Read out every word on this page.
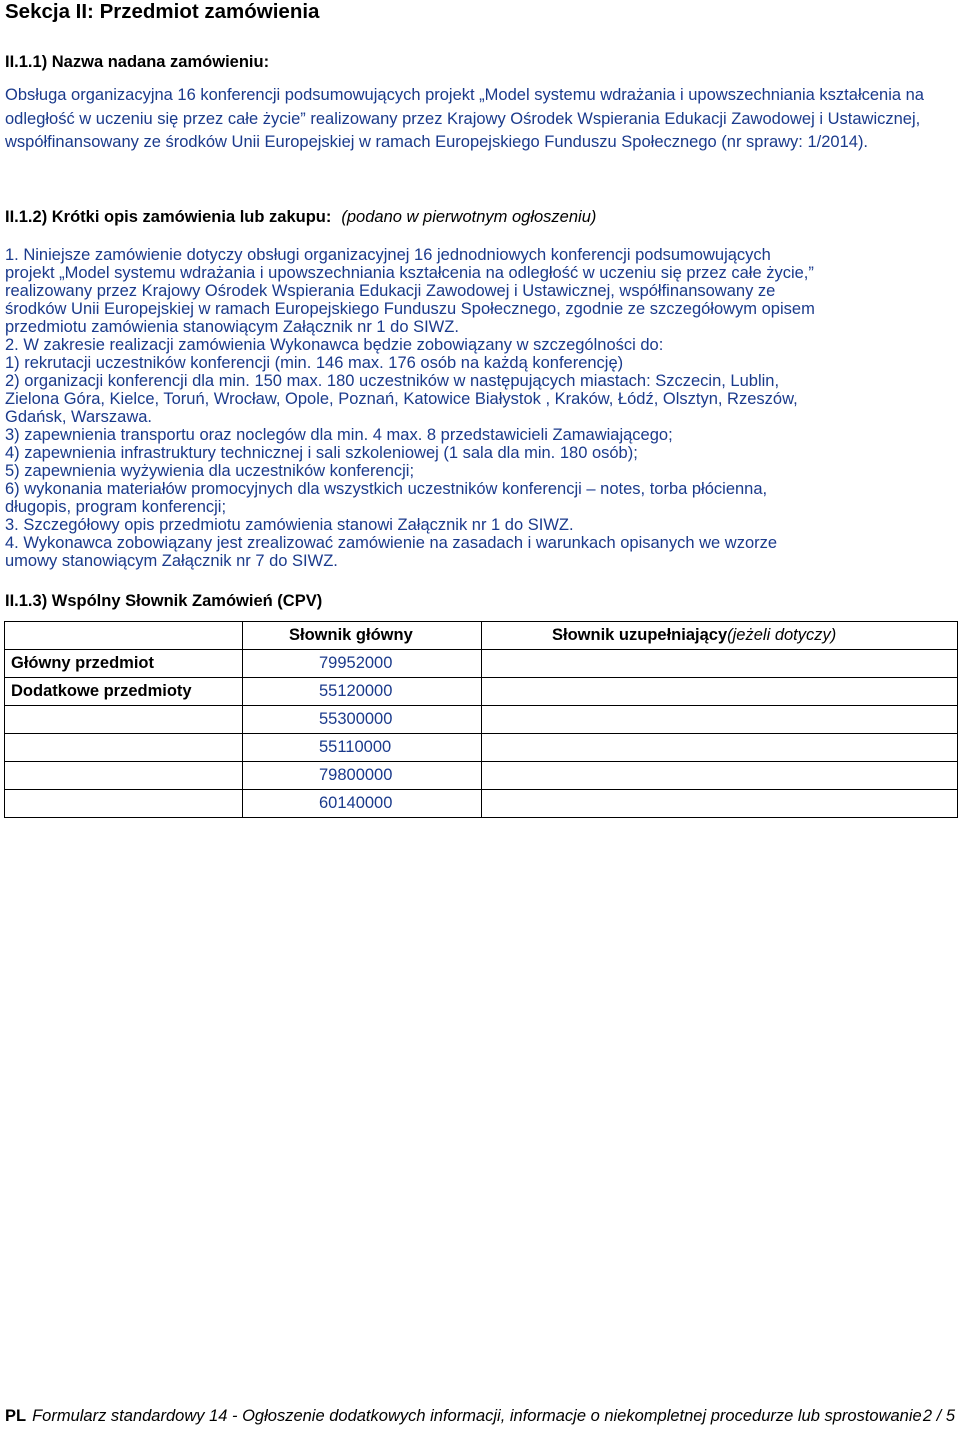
Sekcja II: Przedmiot zamówienia
II.1.1) Nazwa nadana zamówieniu:
Obsługa organizacyjna 16 konferencji podsumowujących projekt „Model systemu wdrażania i upowszechniania kształcenia na odległość w uczeniu się przez całe życie” realizowany przez Krajowy Ośrodek Wspierania Edukacji Zawodowej i Ustawicznej, współfinansowany ze środków Unii Europejskiej w ramach Europejskiego Funduszu Społecznego (nr sprawy: 1/2014).
II.1.2) Krótki opis zamówienia lub zakupu: (podano w pierwotnym ogłoszeniu)
1. Niniejsze zamówienie dotyczy obsługi organizacyjnej 16 jednodniowych konferencji podsumowujących
projekt „Model systemu wdrażania i upowszechniania kształcenia na odległość w uczeniu się przez całe życie,”
realizowany przez Krajowy Ośrodek Wspierania Edukacji Zawodowej i Ustawicznej, współfinansowany ze
środków Unii Europejskiej w ramach Europejskiego Funduszu Społecznego, zgodnie ze szczegółowym opisem
przedmiotu zamówienia stanowiącym Załącznik nr 1 do SIWZ.
2. W zakresie realizacji zamówienia Wykonawca będzie zobowiązany w szczególności do:
1) rekrutacji uczestników konferencji (min. 146 max. 176 osób na każdą konferencję)
2) organizacji konferencji dla min. 150 max. 180 uczestników w następujących miastach: Szczecin, Lublin,
Zielona Góra, Kielce, Toruń, Wrocław, Opole, Poznań, Katowice Białystok , Kraków, Łódź, Olsztyn, Rzeszów,
Gdańsk, Warszawa.
3) zapewnienia transportu oraz noclegów dla min. 4 max. 8 przedstawicieli Zamawiającego;
4) zapewnienia infrastruktury technicznej i sali szkoleniowej (1 sala dla min. 180 osób);
5) zapewnienia wyżywienia dla uczestników konferencji;
6) wykonania materiałów promocyjnych dla wszystkich uczestników konferencji – notes, torba płócienna,
długopis, program konferencji;
3. Szczegółowy opis przedmiotu zamówienia stanowi Załącznik nr 1 do SIWZ.
4. Wykonawca zobowiązany jest zrealizować zamówienie na zasadach i warunkach opisanych we wzorze
umowy stanowiącym Załącznik nr 7 do SIWZ.
II.1.3) Wspólny Słownik Zamówień (CPV)
	Słownik główny	Słownik uzupełniający(jeżeli dotyczy)
Główny przedmiot	79952000	
Dodatkowe przedmioty	55120000	
	55300000	
	55110000	
	79800000	
	60140000	
PL Formularz standardowy 14 - Ogłoszenie dodatkowych informacji, informacje o niekompletnej procedurze lub sprostowanie 2 / 5
